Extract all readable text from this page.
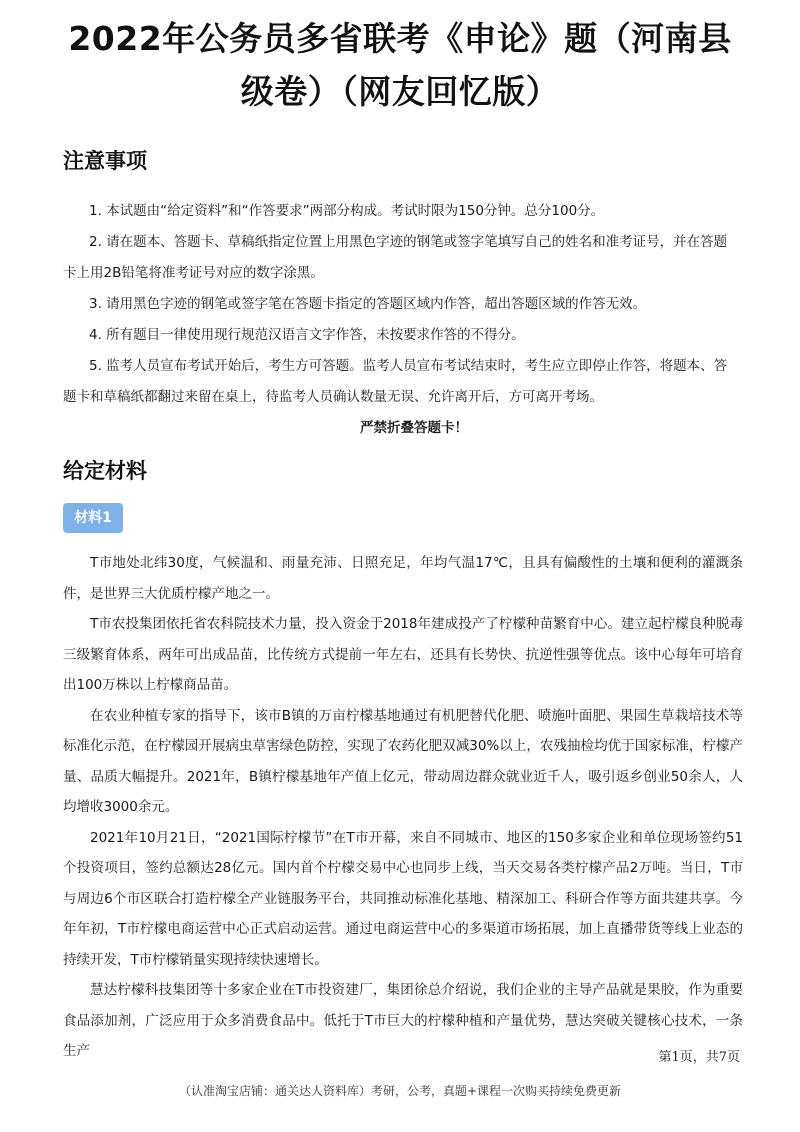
2022年公务员多省联考《申论》题（河南县
级卷）（网友回忆版）
注意事项
1. 本试题由“给定资料”和“作答要求”两部分构成。考试时限为150分钟。总分100分。
2. 请在题本、答题卡、草稿纸指定位置上用黑色字迹的钢笔或签字笔填写自己的姓名和准考证号，并在答题卡上用2B铅笔将准考证号对应的数字涂黑。
3. 请用黑色字迹的钢笔或签字笔在答题卡指定的答题区域内作答，超出答题区域的作答无效。
4. 所有题目一律使用现行规范汉语言文字作答，未按要求作答的不得分。
5. 监考人员宣布考试开始后，考生方可答题。监考人员宣布考试结束时，考生应立即停止作答，将题本、答题卡和草稿纸都翻过来留在桌上，待监考人员确认数量无误、允许离开后，方可离开考场。
严禁折叠答题卡！
给定材料
材料1

T市地处北纬30度，气候温和、雨量充沛、日照充足，年均气温17℃，且具有偏酸性的土壤和便利的灌溉条件，是世界三大优质柠檬产地之一。

T市农投集团依托省农科院技术力量，投入资金于2018年建成投产了柠檬种苗繁育中心。建立起柠檬良种脱毒三级繁育体系，两年可出成品苗，比传统方式提前一年左右，还具有长势快、抗逆性强等优点。该中心每年可培育出100万株以上柠檬商品苗。

在农业种植专家的指导下，该市B镇的万亩柠檬基地通过有机肥替代化肥、喷施叶面肥、果园生草栽培技术等标准化示范，在柠檬园开展病虫草害绿色防控，实现了农药化肥双减30%以上，农残抽检均优于国家标准，柠檬产量、品质大幅提升。2021年，B镇柠檬基地年产值上亿元，带动周边群众就业近千人，吸引返乡创业50余人，人均增收3000余元。

2021年10月21日，“2021国际柠檬节”在T市开幕，来自不同城市、地区的150多家企业和单位现场签约51个投资项目，签约总额达28亿元。国内首个柠檬交易中心也同步上线，当天交易各类柠檬产品2万吨。当日，T市与周边6个市区联合打造柠檬全产业链服务平台，共同推动标准化基地、精深加工、科研合作等方面共建共享。今年年初，T市柠檬电商运营中心正式启动运营。通过电商运营中心的多渠道市场拓展，加上直播带货等线上业态的持续开发，T市柠檬销量实现持续快速增长。

慧达柠檬科技集团等十多家企业在T市投资建厂，集团徐总介绍说，我们企业的主导产品就是果胶，作为重要食品添加剂，广泛应用于众多消费食品中。低托于T市巨大的柠檬种植和产量优势，慧达突破关键核心技术，一条生产	第1页，共7页
（认准淘宝店铺：通关达人资料库）考研，公考，真题+课程一次购买持续免费更新
